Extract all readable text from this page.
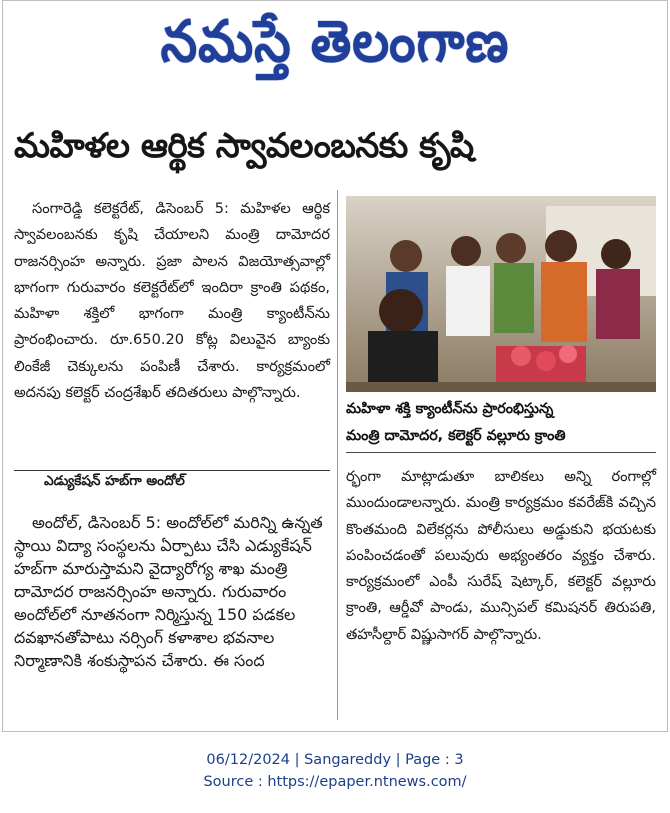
నమస్తే తెలంగాణ
మహిళల ఆర్థిక స్వావలంబనకు కృషి

సంగారెడ్డి కలెక్టరేట్, డిసెంబర్ 5: మహిళల ఆర్థిక స్వావలంబనకు కృషి చేయాలని మంత్రి దామోదర రాజనర్సింహ అన్నారు. ప్రజా పాలన విజయోత్సవాల్లో భాగంగా గురువారం కలెక్టరేట్‌లో ఇందిరా క్రాంతి పథకం, మహిళా శక్తిలో భాగంగా మంత్రి క్యాంటీన్‌ను ప్రారంభించారు. రూ.650.20 కోట్ల విలువైన బ్యాంకు లింకేజీ చెక్కులను పంపిణీ చేశారు. కార్యక్రమంలో అదనపు కలెక్టర్ చంద్రశేఖర్ తదితరులు పాల్గొన్నారు.

ఎడ్యుకేషన్ హబ్‌గా అందోల్

అందోల్, డిసెంబర్ 5: అందోల్‌లో మరిన్ని ఉన్నత స్థాయి విద్యా సంస్థలను ఏర్పాటు చేసి ఎడ్యుకేషన్ హబ్‌గా మారుస్తామని వైద్యారోగ్య శాఖ మంత్రి దామోదర రాజనర్సింహ అన్నారు. గురువారం అందోల్‌లో నూతనంగా నిర్మిస్తున్న 150 పడకల దవఖానతోపాటు నర్సింగ్ కళాశాల భవనాల నిర్మాణానికి శంకుస్థాపన చేశారు. ఈ సంద

మహిళా శక్తి క్యాంటీన్‌ను ప్రారంభిస్తున్న
మంత్రి దామోదర, కలెక్టర్ వల్లూరు క్రాంతి

ర్భంగా మాట్లాడుతూ బాలికలు అన్ని రంగాల్లో ముందుండాలన్నారు. మంత్రి కార్యక్రమం కవరేజ్‌కి వచ్చిన కొంతమంది విలేకర్లను పోలీసులు అడ్డుకుని భయటకు పంపించడంతో పలువురు అభ్యంతరం వ్యక్తం చేశారు. కార్యక్రమంలో ఎంపీ సురేష్ షెట్కార్, కలెక్టర్ వల్లూరు క్రాంతి, ఆర్డీవో పాండు, మున్సిపల్ కమిషనర్ తిరుపతి, తహసీల్దార్ విష్ణుసాగర్ పాల్గొన్నారు.

06/12/2024 | Sangareddy | Page : 3
Source : https://epaper.ntnews.com/
